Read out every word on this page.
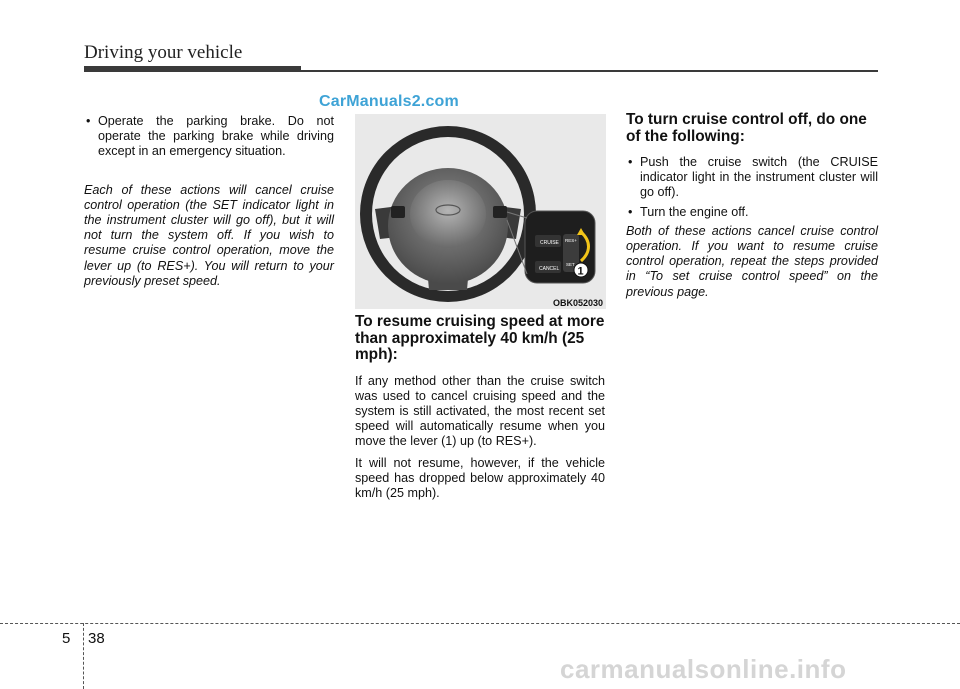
Driving your vehicle
CarManuals2.com
• Operate the parking brake. Do not operate the parking brake while driving except in an emergency situation.
Each of these actions will cancel cruise control operation (the SET indicator light in the instrument cluster will go off), but it will not turn the system off. If you wish to resume cruise control operation, move the lever up (to RES+). You will return to your previously preset speed.
CRUISE
CANCEL
RES+
SET
1
OBK052030
To resume cruising speed at more than approximately 40 km/h (25 mph):

If any method other than the cruise switch was used to cancel cruising speed and the system is still activated, the most recent set speed will automatically resume when you move the lever (1) up (to RES+).

It will not resume, however, if the vehicle speed has dropped below approximately 40 km/h (25 mph).

To turn cruise control off, do one of the following:
• Push the cruise switch (the CRUISE indicator light in the instrument cluster will go off).
• Turn the engine off.
Both of these actions cancel cruise control operation. If you want to resume cruise control operation, repeat the steps provided in “To set cruise control speed” on the previous page.
5 38
carmanualsonline.info
